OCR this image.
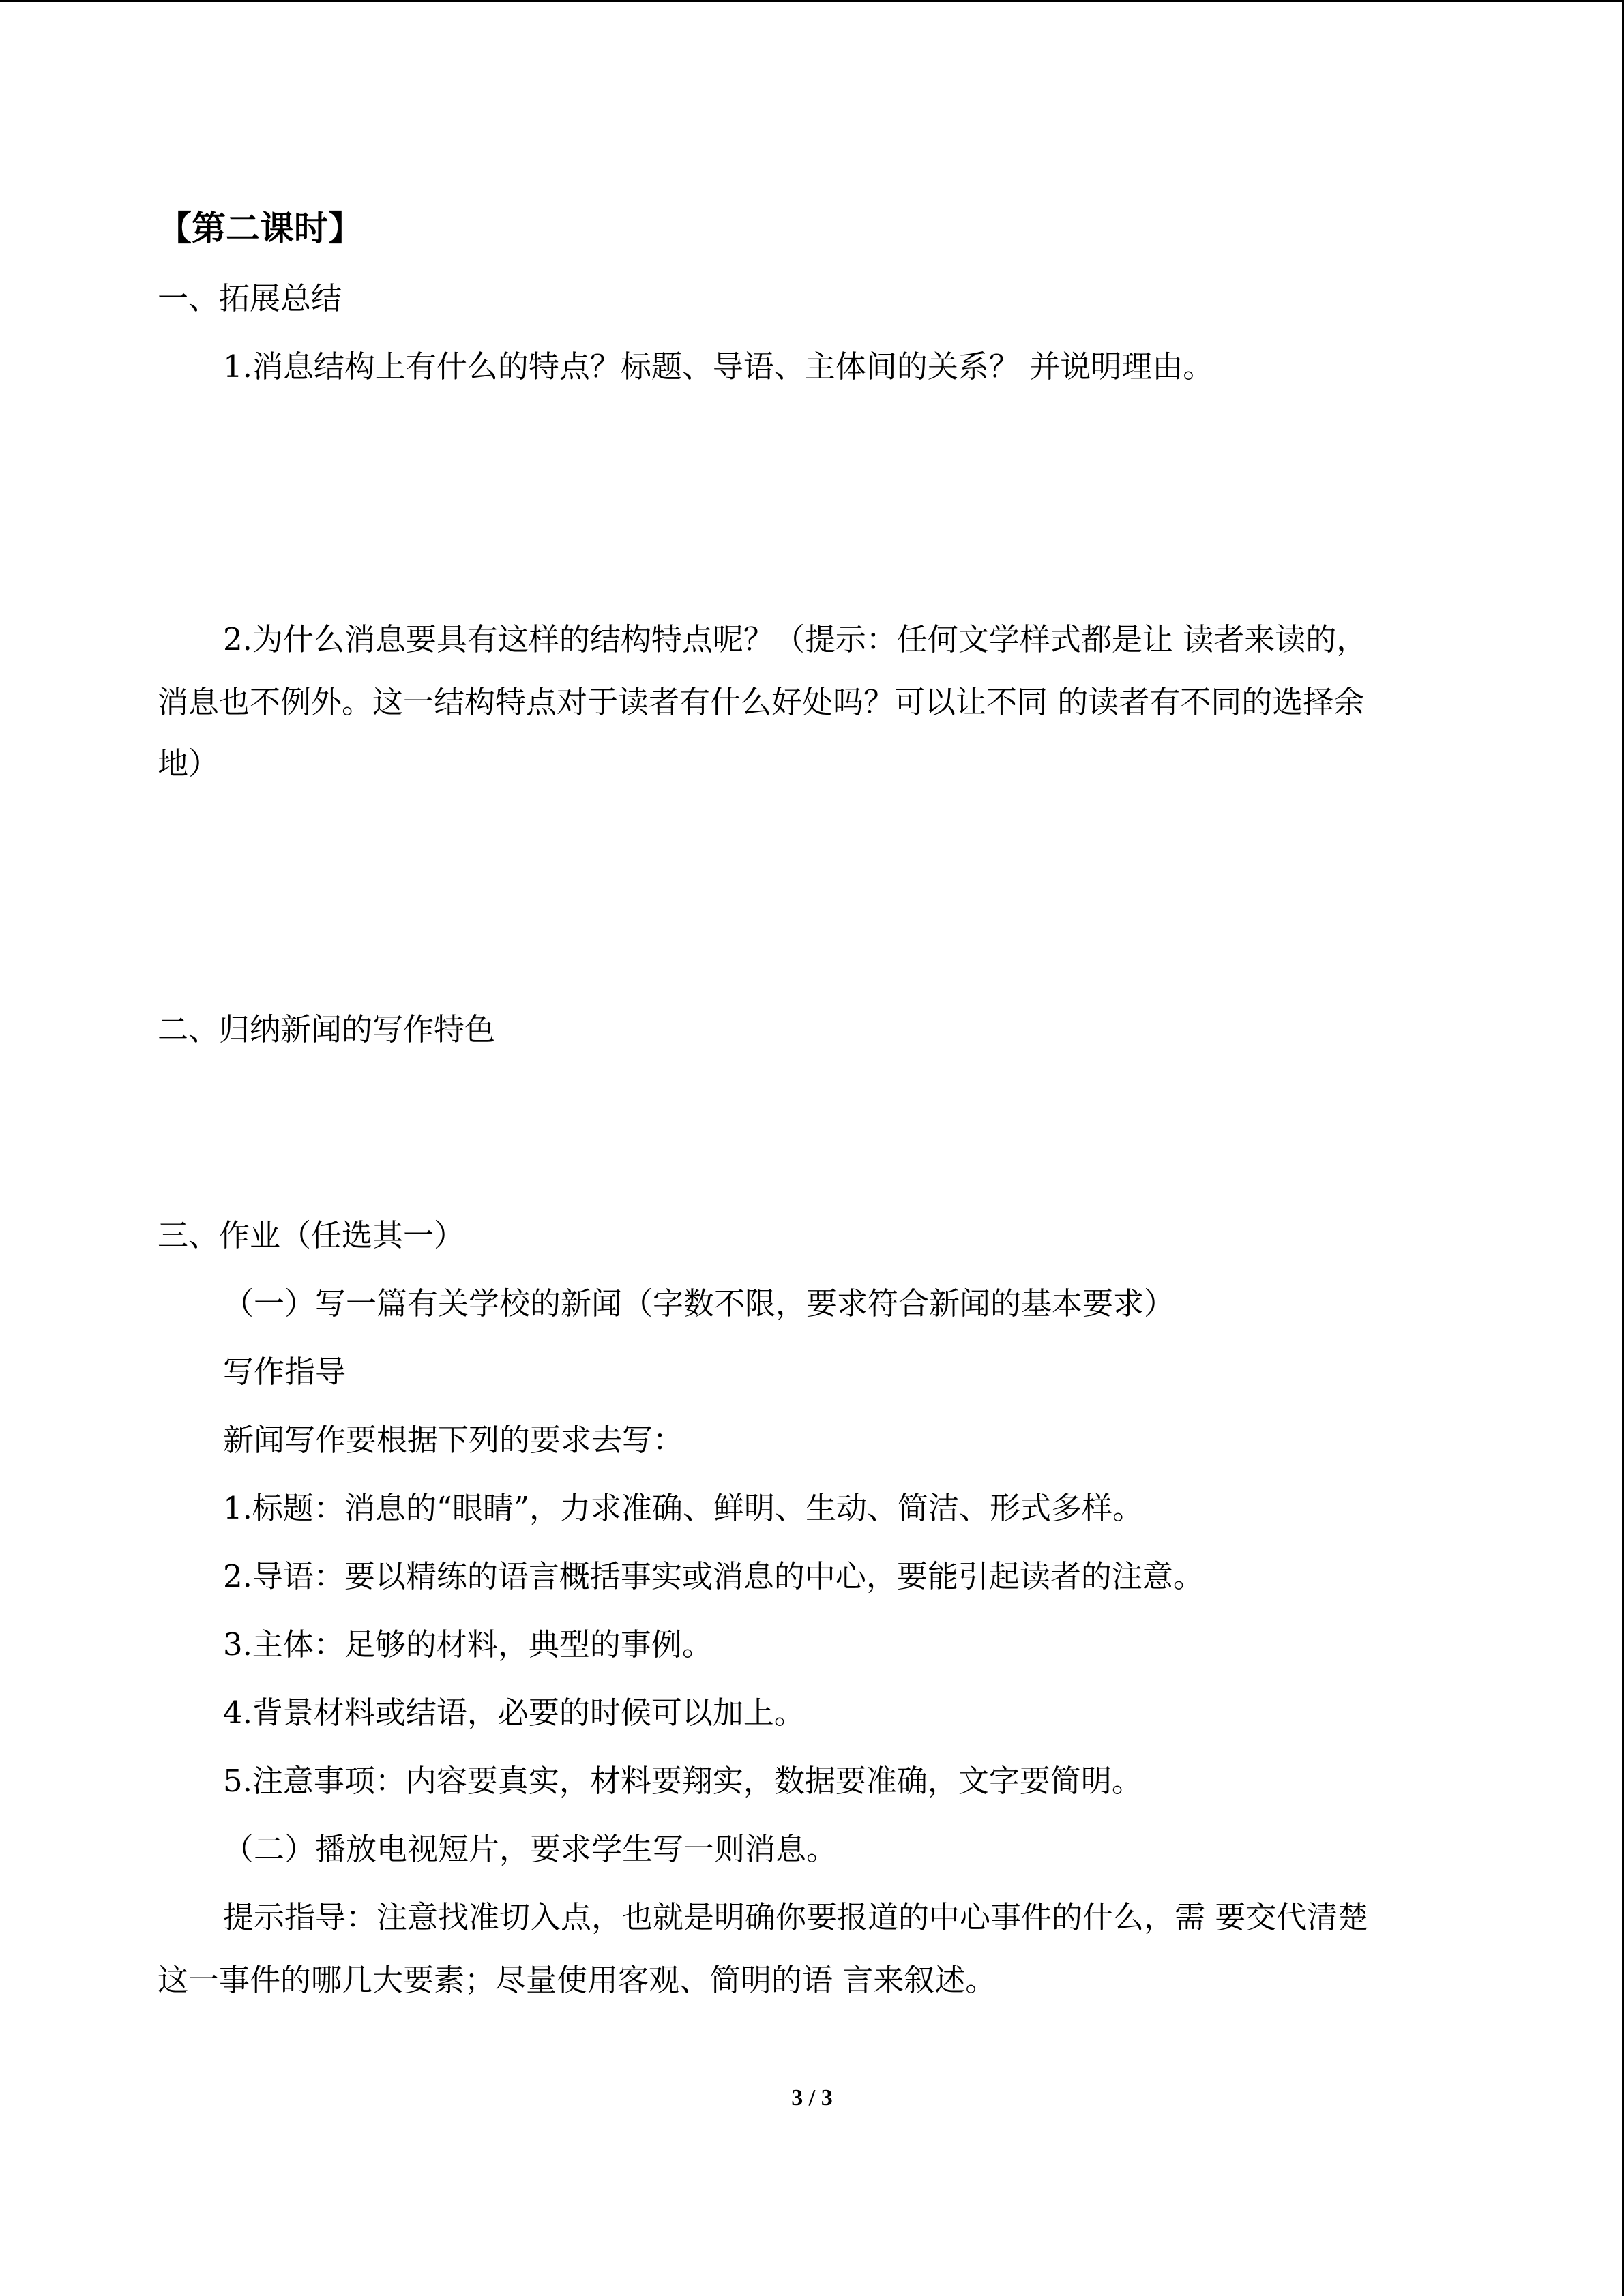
【第二课时】
一、拓展总结
1.消息结构上有什么的特点？标题、导语、主体间的关系？ 并说明理由。
2.为什么消息要具有这样的结构特点呢？（提示：任何文学样式都是让 读者来读的，
消息也不例外。这一结构特点对于读者有什么好处吗？可以让不同 的读者有不同的选择余
地）
二、归纳新闻的写作特色
三、作业（任选其一）
（一）写一篇有关学校的新闻（字数不限，要求符合新闻的基本要求）
写作指导
新闻写作要根据下列的要求去写：
1.标题：消息的“眼睛”，力求准确、鲜明、生动、简洁、形式多样。
2.导语：要以精练的语言概括事实或消息的中心，要能引起读者的注意。
3.主体：足够的材料，典型的事例。
4.背景材料或结语，必要的时候可以加上。
5.注意事项：内容要真实，材料要翔实，数据要准确，文字要简明。
（二）播放电视短片，要求学生写一则消息。
提示指导：注意找准切入点，也就是明确你要报道的中心事件的什么，需 要交代清楚
这一事件的哪几大要素；尽量使用客观、简明的语 言来叙述。
3 / 3
